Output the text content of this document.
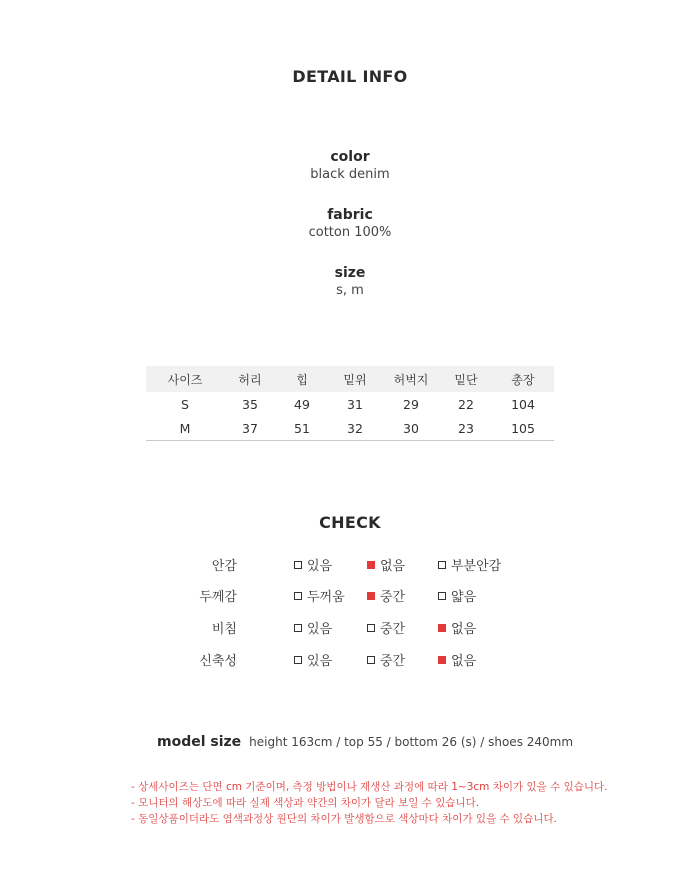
DETAIL INFO
color
black denim
fabric
cotton 100%
size
s, m
사이즈	허리	힙	밑위	허벅지	밑단	총장
S	35	49	31	29	22	104
M	37	51	32	30	23	105
CHECK
안감	있음	없음	부분안감
두께감	두꺼움	중간	얇음
비침	있음	중간	없음
신축성	있음	중간	없음
model size height 163cm / top 55 / bottom 26 (s) / shoes 240mm
- 상세사이즈는 단면 cm 기준이며, 측정 방법이나 재생산 과정에 따라 1~3cm 차이가 있을 수 있습니다.
- 모니터의 해상도에 따라 실제 색상과 약간의 차이가 달라 보일 수 있습니다.
- 동일상품이더라도 염색과정상 원단의 차이가 발생함으로 색상마다 차이가 있을 수 있습니다.
